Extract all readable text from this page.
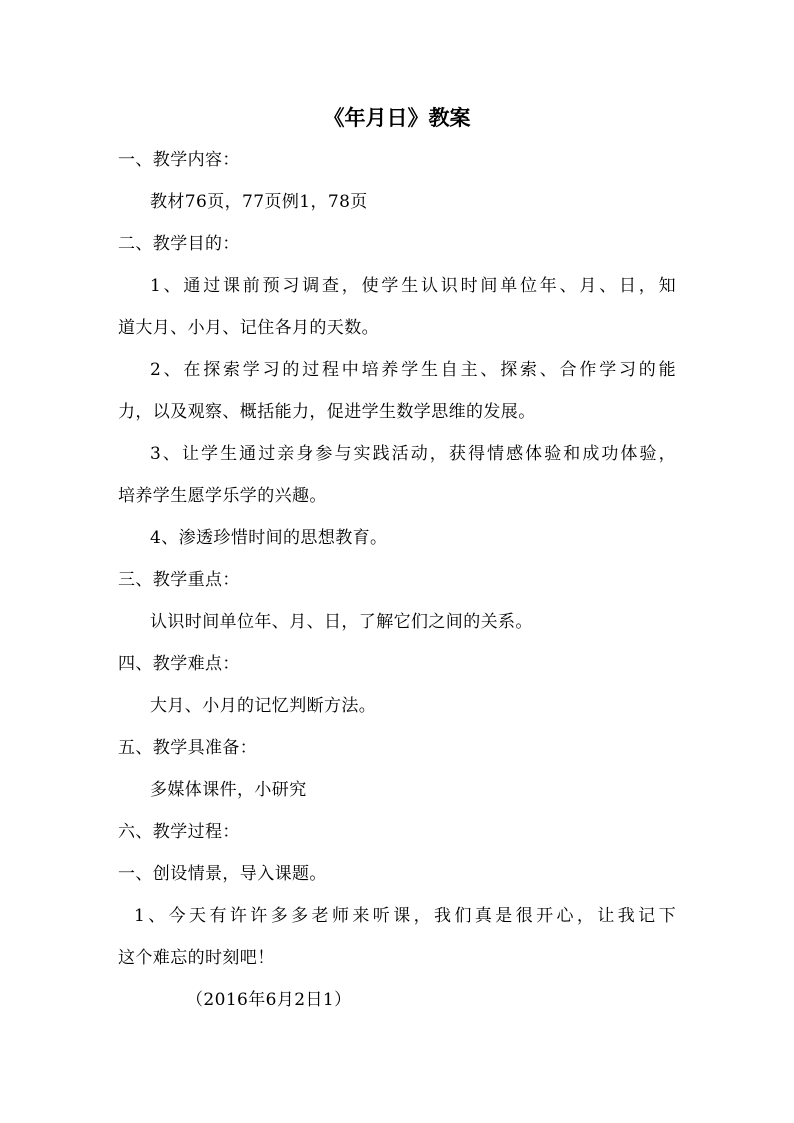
《年月日》教案
一、教学内容：
教材76页，77页例1，78页
二、教学目的：
1、通过课前预习调查，使学生认识时间单位年、月、日，知
道大月、小月、记住各月的天数。
2、在探索学习的过程中培养学生自主、探索、合作学习的能
力，以及观察、概括能力，促进学生数学思维的发展。
3、让学生通过亲身参与实践活动，获得情感体验和成功体验，
培养学生愿学乐学的兴趣。
4、渗透珍惜时间的思想教育。
三、教学重点：
认识时间单位年、月、日，了解它们之间的关系。
四、教学难点：
大月、小月的记忆判断方法。
五、教学具准备：
多媒体课件，小研究
六、教学过程：
一、创设情景，导入课题。
1、今天有许许多多老师来听课，我们真是很开心，让我记下
这个难忘的时刻吧！
（2016年6月2日1）
